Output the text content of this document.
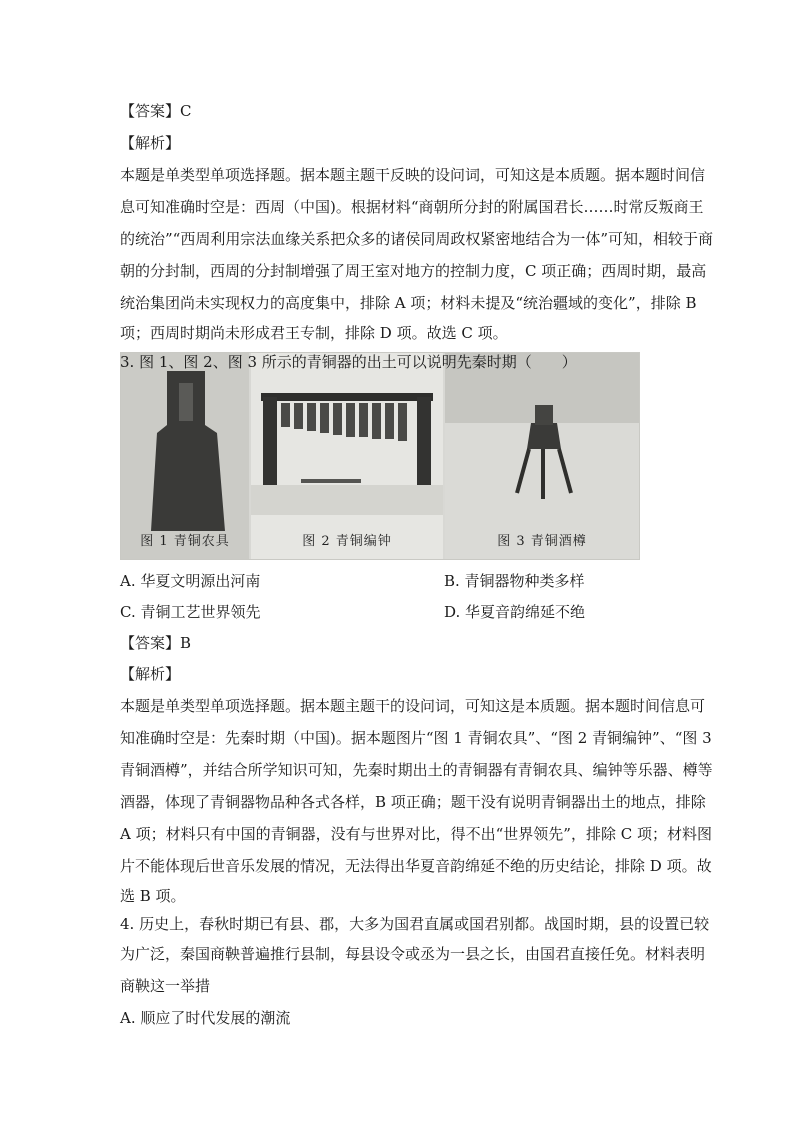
【答案】C
【解析】
本题是单类型单项选择题。据本题主题干反映的设问词，可知这是本质题。据本题时间信
息可知准确时空是：西周（中国)。根据材料“商朝所分封的附属国君长……时常反叛商王
的统治”“西周利用宗法血缘关系把众多的诸侯同周政权紧密地结合为一体”可知，相较于商
朝的分封制，西周的分封制增强了周王室对地方的控制力度，C 项正确；西周时期，最高
统治集团尚未实现权力的高度集中，排除 A 项；材料未提及“统治疆域的变化”，排除 B
项；西周时期尚未形成君王专制，排除 D 项。故选 C 项。
图 1 青铜农具	图 2 青铜编钟	图 3 青铜酒樽
A. 华夏文明源出河南	B. 青铜器物种类多样
C. 青铜工艺世界领先	D. 华夏音韵绵延不绝
【答案】B
【解析】
本题是单类型单项选择题。据本题主题干的设问词，可知这是本质题。据本题时间信息可
知准确时空是：先秦时期（中国)。据本题图片“图 1 青铜农具”、“图 2 青铜编钟”、“图 3
青铜酒樽”，并结合所学知识可知，先秦时期出土的青铜器有青铜农具、编钟等乐器、樽等
酒器，体现了青铜器物品种各式各样，B 项正确；题干没有说明青铜器出土的地点，排除
A 项；材料只有中国的青铜器，没有与世界对比，得不出“世界领先”，排除 C 项；材料图
片不能体现后世音乐发展的情况，无法得出华夏音韵绵延不绝的历史结论，排除 D 项。故
选 B 项。
4. 历史上，春秋时期已有县、郡，大多为国君直属或国君别都。战国时期，县的设置已较
为广泛，秦国商鞅普遍推行县制，每县设令或丞为一县之长，由国君直接任免。材料表明
商鞅这一举措
A. 顺应了时代发展的潮流
3. 图 1、图 2、图 3 所示的青铜器的出土可以说明先秦时期（　　）
